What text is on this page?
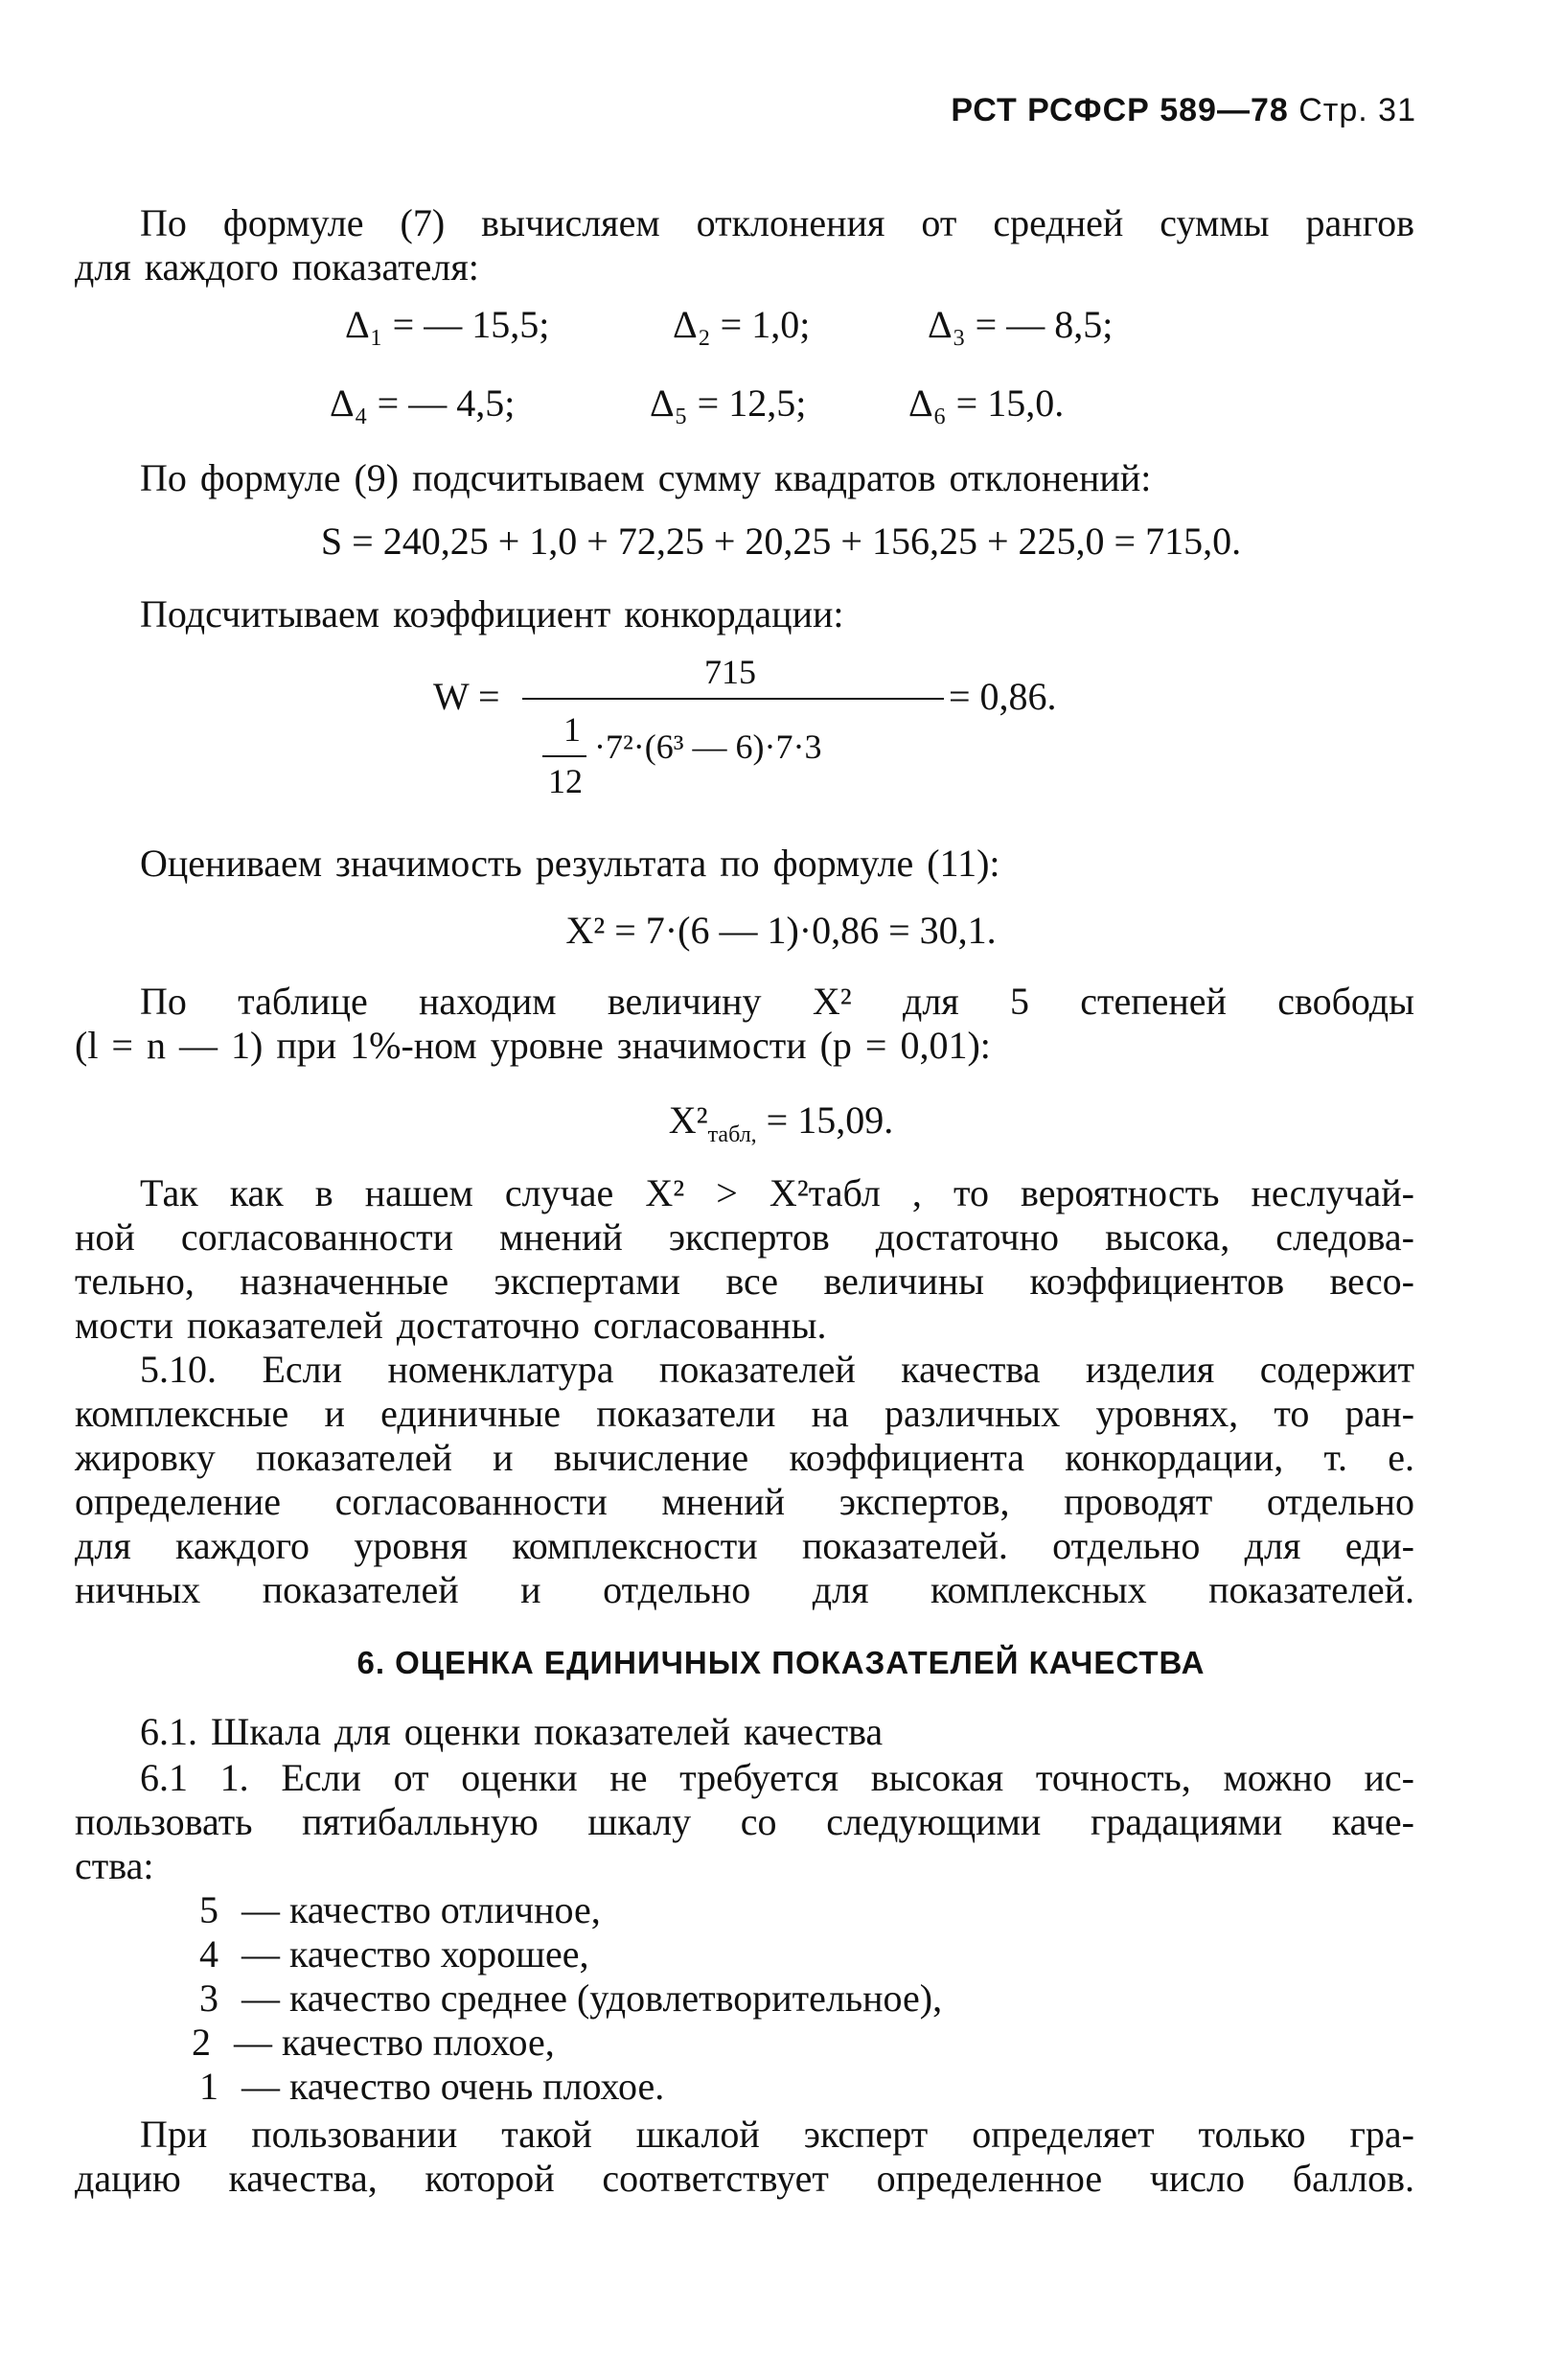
РСТ РСФСР 589—78 Стр. 31

По формуле (7) вычисляем отклонения от средней суммы рангов

для каждого показателя:

Δ₁ = — 15,5;	Δ₂ = 1,0;	Δ₃ = — 8,5;
Δ₄ = — 4,5;	Δ₅ = 12,5;	Δ₆ = 15,0.

По формуле (9) подсчитываем сумму квадратов отклонений:

S = 240,25 + 1,0 + 72,25 + 20,25 + 156,25 + 225,0 = 715,0.

Подсчитываем коэффициент конкордации:

W =
715
1
12
·7²·(6³ — 6)·7·3
= 0,86.

Оцениваем значимость результата по формуле (11):

X² = 7·(6 — 1)·0,86 = 30,1.

По таблице находим величину X² для 5 степеней свободы

(l = n — 1) при 1%-ном уровне значимости (p = 0,01):

$X^2_{табл,} = 15,09$.

Так как в нашем случае X² > X²табл , то вероятность неслучай-

ной согласованности мнений экспертов достаточно высока, следова-

тельно, назначенные экспертами все величины коэффициентов весо-

мости показателей достаточно согласованны.

5.10. Если номенклатура показателей качества изделия содержит

комплексные и единичные показатели на различных уровнях, то ран-

жировку показателей и вычисление коэффициента конкордации, т. е.

определение согласованности мнений экспертов, проводят отдельно

для каждого уровня комплексности показателей. отдельно для еди-

ничных показателей и отдельно для комплексных показателей.

6. ОЦЕНКА ЕДИНИЧНЫХ ПОКАЗАТЕЛЕЙ КАЧЕСТВА

6.1. Шкала для оценки показателей качества

6.1 1. Если от оценки не требуется высокая точность, можно ис-

пользовать пятибалльную шкалу со следующими градациями каче-

ства:

5 — качество отличное,
4 — качество хорошее,
3 — качество среднее (удовлетворительное),
2 — качество плохое,
1 — качество очень плохое.

При пользовании такой шкалой эксперт определяет только гра-

дацию качества, которой соответствует определенное число баллов.
